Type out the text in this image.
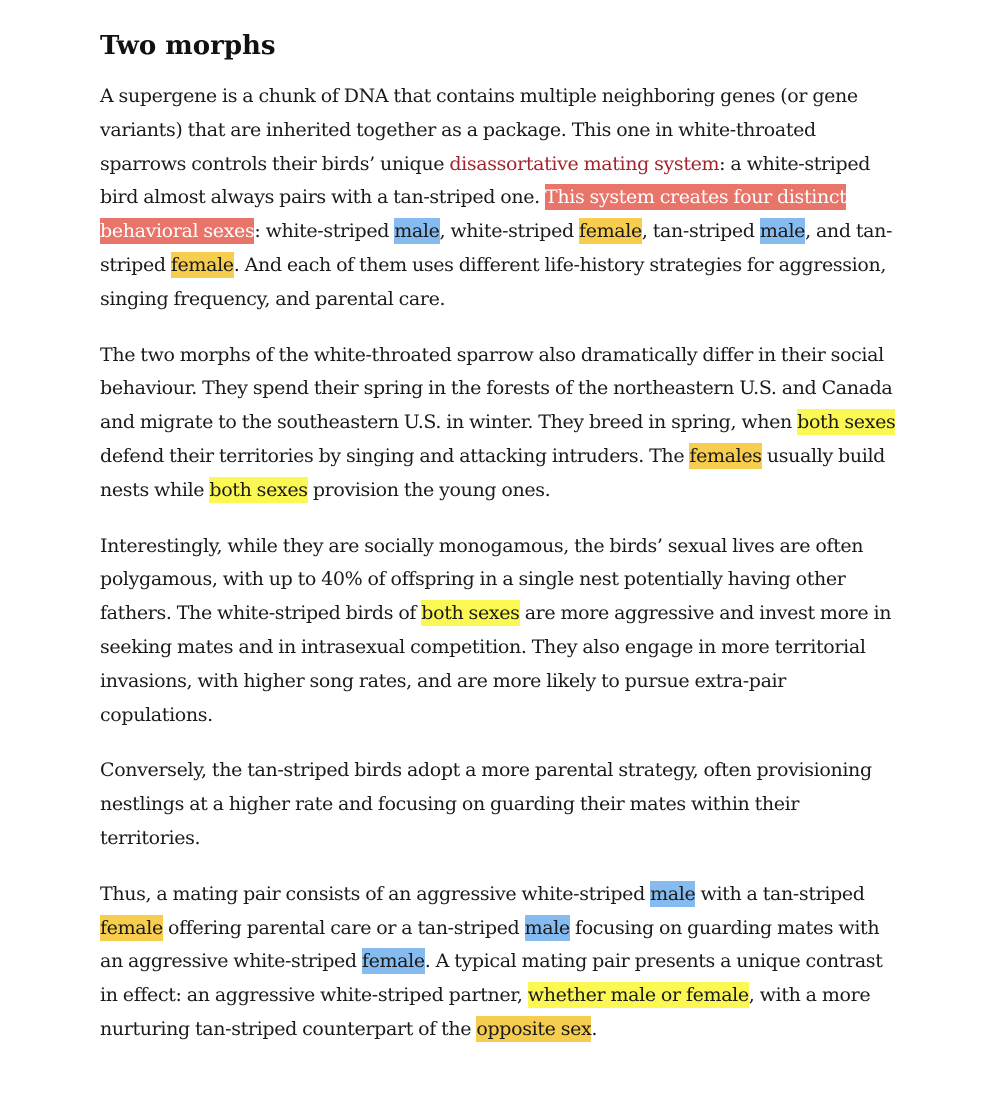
Two morphs

A supergene is a chunk of DNA that contains multiple neighboring genes (or gene variants) that are inherited together as a package. This one in white-throated sparrows controls their birds’ unique disassortative mating system: a white-striped bird almost always pairs with a tan-striped one. This system creates four distinct behavioral sexes: white-striped male, white-striped female, tan-striped male, and tan-striped female. And each of them uses different life-history strategies for aggression, singing frequency, and parental care.

The two morphs of the white-throated sparrow also dramatically differ in their social behaviour. They spend their spring in the forests of the northeastern U.S. and Canada and migrate to the southeastern U.S. in winter. They breed in spring, when both sexes defend their territories by singing and attacking intruders. The females usually build nests while both sexes provision the young ones.

Interestingly, while they are socially monogamous, the birds’ sexual lives are often polygamous, with up to 40% of offspring in a single nest potentially having other fathers. The white-striped birds of both sexes are more aggressive and invest more in seeking mates and in intrasexual competition. They also engage in more territorial invasions, with higher song rates, and are more likely to pursue extra-pair copulations.

Conversely, the tan-striped birds adopt a more parental strategy, often provisioning nestlings at a higher rate and focusing on guarding their mates within their territories.

Thus, a mating pair consists of an aggressive white-striped male with a tan-striped female offering parental care or a tan-striped male focusing on guarding mates with an aggressive white-striped female. A typical mating pair presents a unique contrast in effect: an aggressive white-striped partner, whether male or female, with a more nurturing tan-striped counterpart of the opposite sex.
